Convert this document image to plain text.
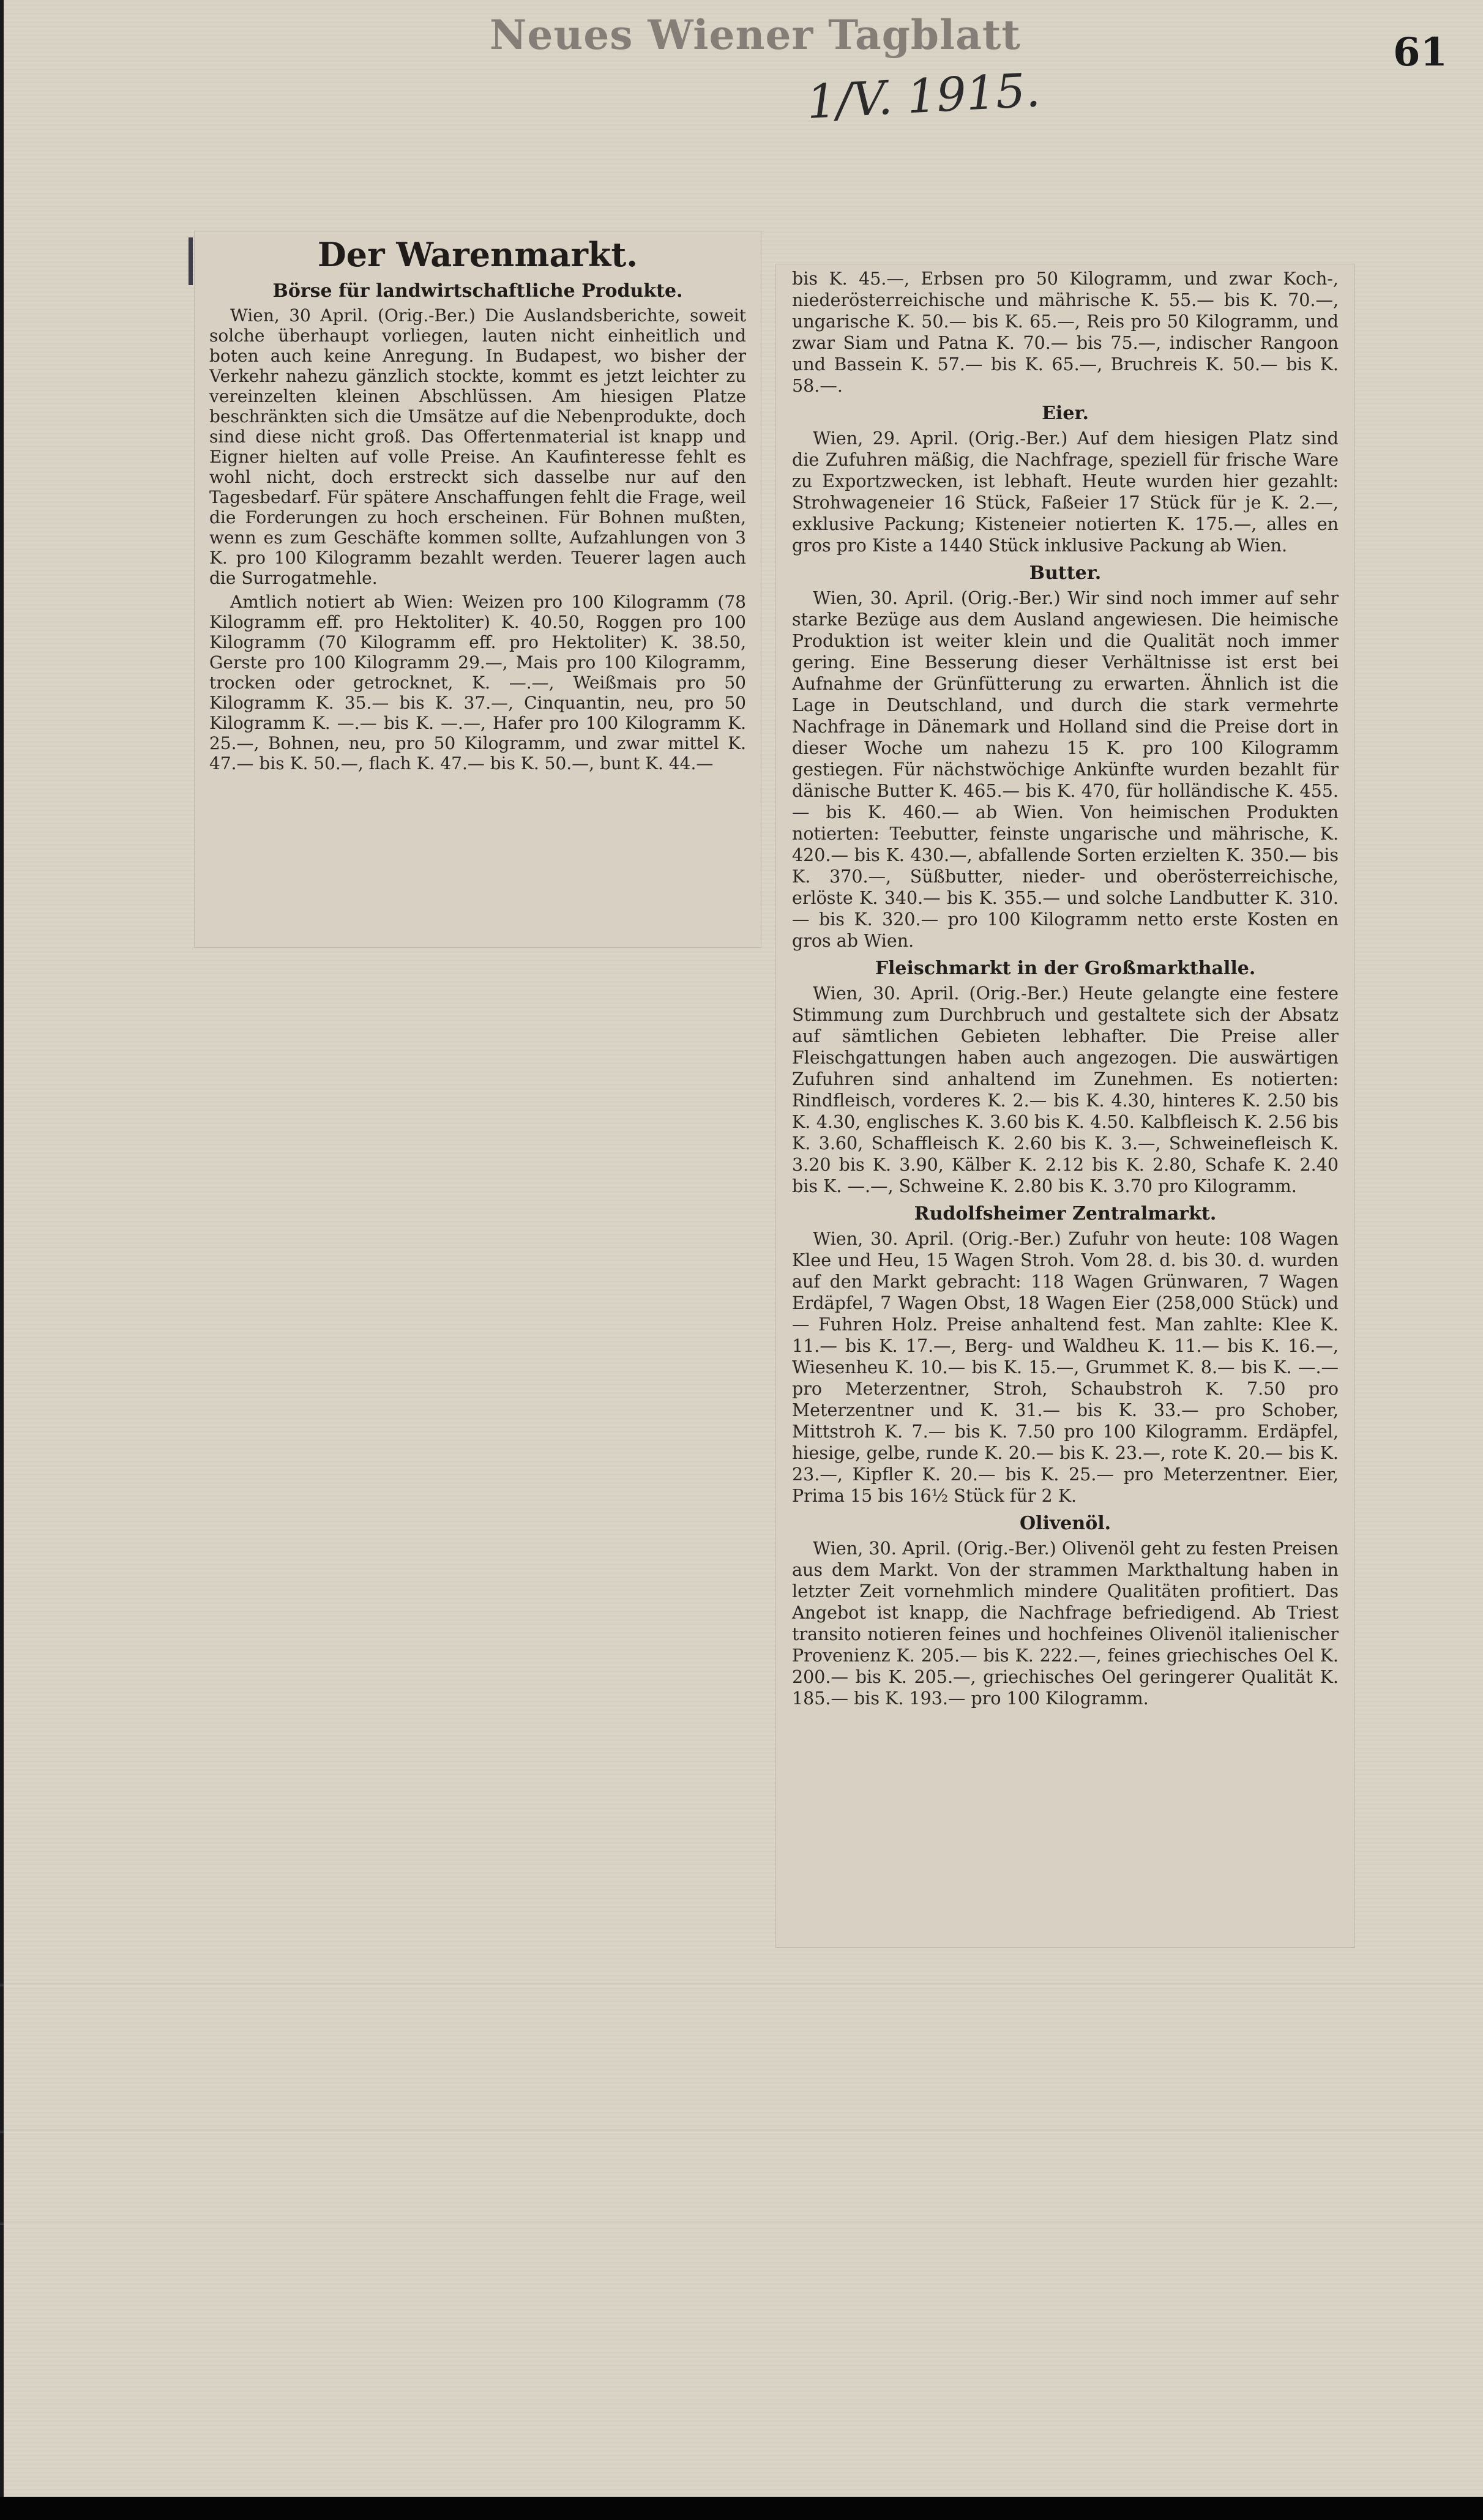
Neues Wiener Tagblatt	61
1/V. 1915.
Der Warenmarkt.
Börse für landwirtschaftliche Produkte.

Wien, 30 April. (Orig.-Ber.) Die Auslandsberichte, soweit solche überhaupt vorliegen, lauten nicht einheitlich und boten auch keine Anregung. In Budapest, wo bisher der Verkehr nahezu gänzlich stockte, kommt es jetzt leichter zu vereinzelten kleinen Abschlüssen. Am hiesigen Platze beschränkten sich die Umsätze auf die Nebenprodukte, doch sind diese nicht groß. Das Offertenmaterial ist knapp und Eigner hielten auf volle Preise. An Kaufinteresse fehlt es wohl nicht, doch erstreckt sich dasselbe nur auf den Tagesbedarf. Für spätere Anschaffungen fehlt die Frage, weil die Forderungen zu hoch erscheinen. Für Bohnen mußten, wenn es zum Geschäfte kommen sollte, Aufzahlungen von 3 K. pro 100 Kilogramm bezahlt werden. Teuerer lagen auch die Surrogatmehle.

Amtlich notiert ab Wien: Weizen pro 100 Kilogramm (78 Kilogramm eff. pro Hektoliter) K. 40.50, Roggen pro 100 Kilogramm (70 Kilogramm eff. pro Hektoliter) K. 38.50, Gerste pro 100 Kilogramm 29.—, Mais pro 100 Kilogramm, trocken oder getrocknet, K. —.—, Weißmais pro 50 Kilogramm K. 35.— bis K. 37.—, Cinquantin, neu, pro 50 Kilogramm K. —.— bis K. —.—, Hafer pro 100 Kilogramm K. 25.—, Bohnen, neu, pro 50 Kilogramm, und zwar mittel K. 47.— bis K. 50.—, flach K. 47.— bis K. 50.—, bunt K. 44.—

bis K. 45.—, Erbsen pro 50 Kilogramm, und zwar Koch-, niederösterreichische und mährische K. 55.— bis K. 70.—, ungarische K. 50.— bis K. 65.—, Reis pro 50 Kilogramm, und zwar Siam und Patna K. 70.— bis 75.—, indischer Rangoon und Bassein K. 57.— bis K. 65.—, Bruchreis K. 50.— bis K. 58.—.

Eier.

Wien, 29. April. (Orig.-Ber.) Auf dem hiesigen Platz sind die Zufuhren mäßig, die Nachfrage, speziell für frische Ware zu Exportzwecken, ist lebhaft. Heute wurden hier gezahlt: Strohwageneier 16 Stück, Faßeier 17 Stück für je K. 2.—, exklusive Packung; Kisteneier notierten K. 175.—, alles en gros pro Kiste a 1440 Stück inklusive Packung ab Wien.

Butter.

Wien, 30. April. (Orig.-Ber.) Wir sind noch immer auf sehr starke Bezüge aus dem Ausland angewiesen. Die heimische Produktion ist weiter klein und die Qualität noch immer gering. Eine Besserung dieser Verhältnisse ist erst bei Aufnahme der Grünfütterung zu erwarten. Ähnlich ist die Lage in Deutschland, und durch die stark vermehrte Nachfrage in Dänemark und Holland sind die Preise dort in dieser Woche um nahezu 15 K. pro 100 Kilogramm gestiegen. Für nächstwöchige Ankünfte wurden bezahlt für dänische Butter K. 465.— bis K. 470, für holländische K. 455.— bis K. 460.— ab Wien. Von heimischen Produkten notierten: Teebutter, feinste ungarische und mährische, K. 420.— bis K. 430.—, abfallende Sorten erzielten K. 350.— bis K. 370.—, Süßbutter, nieder- und oberösterreichische, erlöste K. 340.— bis K. 355.— und solche Landbutter K. 310.— bis K. 320.— pro 100 Kilogramm netto erste Kosten en gros ab Wien.

Fleischmarkt in der Großmarkthalle.

Wien, 30. April. (Orig.-Ber.) Heute gelangte eine festere Stimmung zum Durchbruch und gestaltete sich der Absatz auf sämtlichen Gebieten lebhafter. Die Preise aller Fleischgattungen haben auch angezogen. Die auswärtigen Zufuhren sind anhaltend im Zunehmen. Es notierten: Rindfleisch, vorderes K. 2.— bis K. 4.30, hinteres K. 2.50 bis K. 4.30, englisches K. 3.60 bis K. 4.50. Kalbfleisch K. 2.56 bis K. 3.60, Schaffleisch K. 2.60 bis K. 3.—, Schweinefleisch K. 3.20 bis K. 3.90, Kälber K. 2.12 bis K. 2.80, Schafe K. 2.40 bis K. —.—, Schweine K. 2.80 bis K. 3.70 pro Kilogramm.

Rudolfsheimer Zentralmarkt.

Wien, 30. April. (Orig.-Ber.) Zufuhr von heute: 108 Wagen Klee und Heu, 15 Wagen Stroh. Vom 28. d. bis 30. d. wurden auf den Markt gebracht: 118 Wagen Grünwaren, 7 Wagen Erdäpfel, 7 Wagen Obst, 18 Wagen Eier (258,000 Stück) und — Fuhren Holz. Preise anhaltend fest. Man zahlte: Klee K. 11.— bis K. 17.—, Berg- und Waldheu K. 11.— bis K. 16.—, Wiesenheu K. 10.— bis K. 15.—, Grummet K. 8.— bis K. —.— pro Meterzentner, Stroh, Schaubstroh K. 7.50 pro Meterzentner und K. 31.— bis K. 33.— pro Schober, Mittstroh K. 7.— bis K. 7.50 pro 100 Kilogramm. Erdäpfel, hiesige, gelbe, runde K. 20.— bis K. 23.—, rote K. 20.— bis K. 23.—, Kipfler K. 20.— bis K. 25.— pro Meterzentner. Eier, Prima 15 bis 16½ Stück für 2 K.

Olivenöl.

Wien, 30. April. (Orig.-Ber.) Olivenöl geht zu festen Preisen aus dem Markt. Von der strammen Markthaltung haben in letzter Zeit vornehmlich mindere Qualitäten profitiert. Das Angebot ist knapp, die Nachfrage befriedigend. Ab Triest transito notieren feines und hochfeines Olivenöl italienischer Provenienz K. 205.— bis K. 222.—, feines griechisches Oel K. 200.— bis K. 205.—, griechisches Oel geringerer Qualität K. 185.— bis K. 193.— pro 100 Kilogramm.
